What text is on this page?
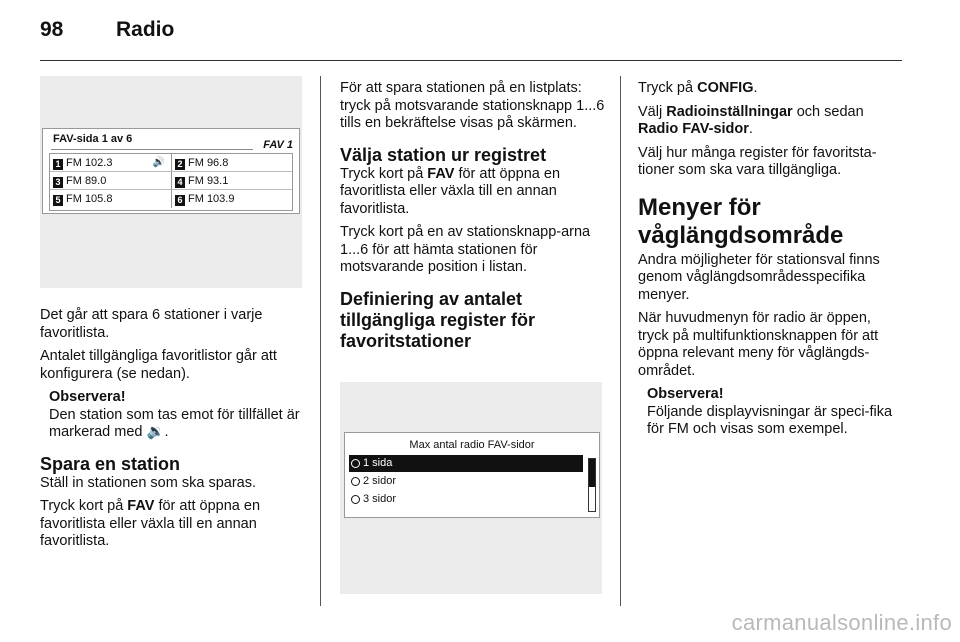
98	Radio
FAV-sida 1 av 6	FAV 1
1 FM 102.3	🔊	2 FM 96.8
3 FM 89.0	4 FM 93.1
5 FM 105.8	6 FM 103.9

Det går att spara 6 stationer i varje favoritlista.

Antalet tillgängliga favoritlistor går att konfigurera (se nedan).

Observera!

Den station som tas emot för tillfället är markerad med 🔉.

Spara en station

Ställ in stationen som ska sparas.

Tryck kort på FAV för att öppna en favoritlista eller växla till en annan favoritlista.

För att spara stationen på en listplats: tryck på motsvarande stationsknapp 1...6 tills en bekräftelse visas på skärmen.

Välja station ur registret

Tryck kort på FAV för att öppna en favoritlista eller växla till en annan favoritlista.

Tryck kort på en av stationsknapp-arna 1...6 för att hämta stationen för motsvarande position i listan.

Definiering av antalet tillgängliga register för favoritstationer
Max antal radio FAV-sidor
1 sida
2 sidor
3 sidor

Tryck på CONFIG.

Välj Radioinställningar och sedan Radio FAV-sidor.

Välj hur många register för favoritsta-tioner som ska vara tillgängliga.

Menyer för våglängdsområde

Andra möjligheter för stationsval finns genom våglängdsområdesspecifika menyer.

När huvudmenyn för radio är öppen, tryck på multifunktionsknappen för att öppna relevant meny för våglängds-området.

Observera!

Följande displayvisningar är speci-fika för FM och visas som exempel.

carmanualsonline.info
